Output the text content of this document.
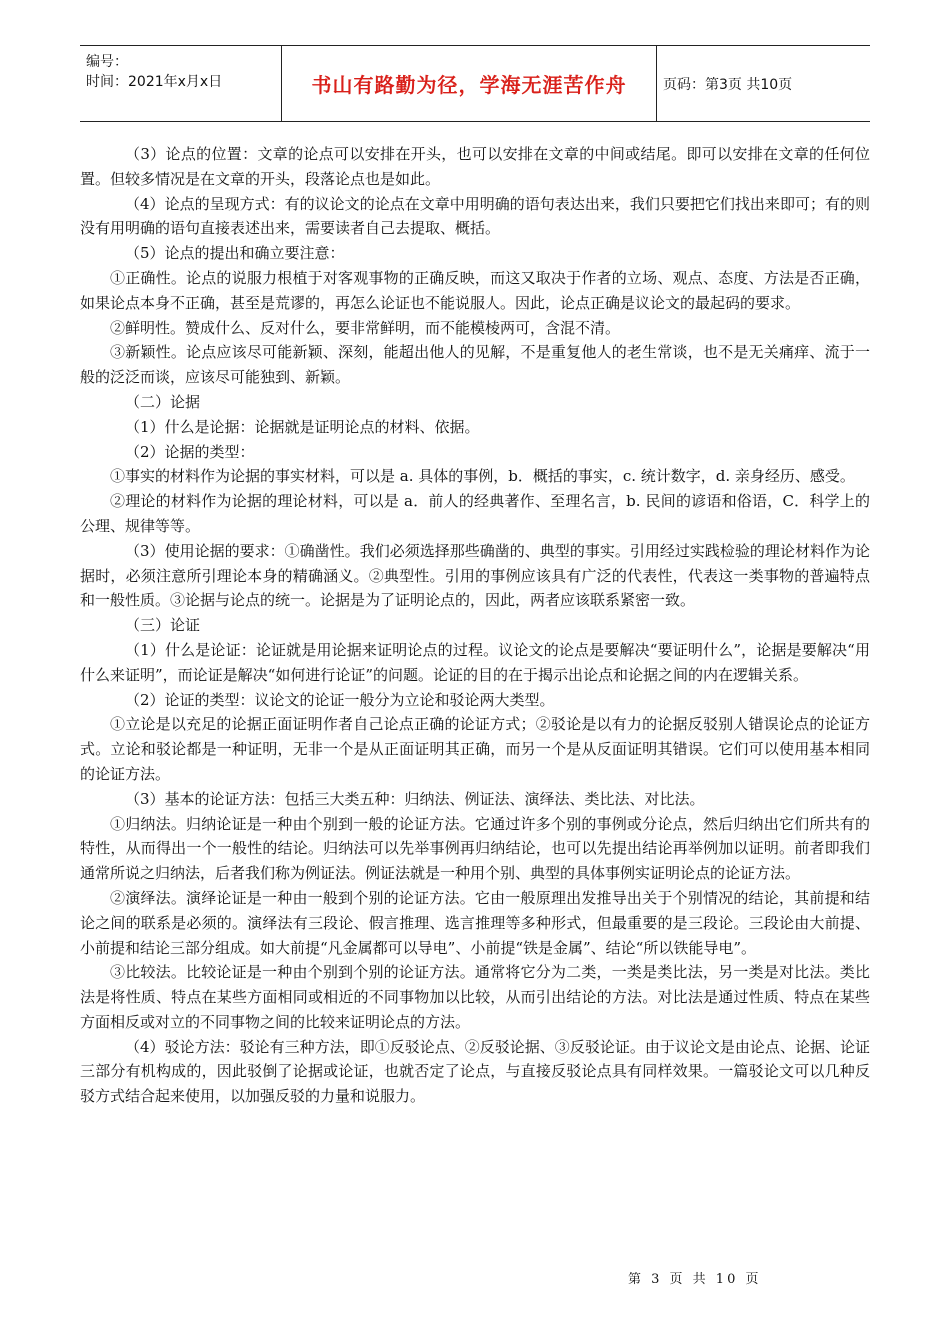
编号：
时间：2021年x月x日	书山有路勤为径，学海无涯苦作舟	页码：第3页 共10页

（3）论点的位置：文章的论点可以安排在开头，也可以安排在文章的中间或结尾。即可以安排在文章的任何位置。但较多情况是在文章的开头，段落论点也是如此。

（4）论点的呈现方式：有的议论文的论点在文章中用明确的语句表达出来，我们只要把它们找出来即可；有的则没有用明确的语句直接表述出来，需要读者自己去提取、概括。

（5）论点的提出和确立要注意：

①正确性。论点的说服力根植于对客观事物的正确反映，而这又取决于作者的立场、观点、态度、方法是否正确，如果论点本身不正确，甚至是荒谬的，再怎么论证也不能说服人。因此，论点正确是议论文的最起码的要求。

②鲜明性。赞成什么、反对什么，要非常鲜明，而不能模棱两可，含混不清。

③新颖性。论点应该尽可能新颖、深刻，能超出他人的见解，不是重复他人的老生常谈，也不是无关痛痒、流于一般的泛泛而谈，应该尽可能独到、新颖。

（二）论据

（1）什么是论据：论据就是证明论点的材料、依据。

（2）论据的类型：

①事实的材料作为论据的事实材料，可以是 a. 具体的事例，b．概括的事实，c. 统计数字，d. 亲身经历、感受。

②理论的材料作为论据的理论材料，可以是 a．前人的经典著作、至理名言，b. 民间的谚语和俗语，C．科学上的公理、规律等等。

（3）使用论据的要求：①确凿性。我们必须选择那些确凿的、典型的事实。引用经过实践检验的理论材料作为论据时，必须注意所引理论本身的精确涵义。②典型性。引用的事例应该具有广泛的代表性，代表这一类事物的普遍特点和一般性质。③论据与论点的统一。论据是为了证明论点的，因此，两者应该联系紧密一致。

（三）论证

（1）什么是论证：论证就是用论据来证明论点的过程。议论文的论点是要解决“要证明什么”，论据是要解决“用什么来证明”，而论证是解决“如何进行论证”的问题。论证的目的在于揭示出论点和论据之间的内在逻辑关系。

（2）论证的类型：议论文的论证一般分为立论和驳论两大类型。

①立论是以充足的论据正面证明作者自己论点正确的论证方式；②驳论是以有力的论据反驳别人错误论点的论证方式。立论和驳论都是一种证明，无非一个是从正面证明其正确，而另一个是从反面证明其错误。它们可以使用基本相同的论证方法。

（3）基本的论证方法：包括三大类五种：归纳法、例证法、演绎法、类比法、对比法。

①归纳法。归纳论证是一种由个别到一般的论证方法。它通过许多个别的事例或分论点，然后归纳出它们所共有的特性，从而得出一个一般性的结论。归纳法可以先举事例再归纳结论，也可以先提出结论再举例加以证明。前者即我们通常所说之归纳法，后者我们称为例证法。例证法就是一种用个别、典型的具体事例实证明论点的论证方法。

②演绎法。演绎论证是一种由一般到个别的论证方法。它由一般原理出发推导出关于个别情况的结论，其前提和结论之间的联系是必须的。演绎法有三段论、假言推理、选言推理等多种形式，但最重要的是三段论。三段论由大前提、小前提和结论三部分组成。如大前提“凡金属都可以导电”、小前提“铁是金属”、结论“所以铁能导电”。

③比较法。比较论证是一种由个别到个别的论证方法。通常将它分为二类，一类是类比法，另一类是对比法。类比法是将性质、特点在某些方面相同或相近的不同事物加以比较，从而引出结论的方法。对比法是通过性质、特点在某些方面相反或对立的不同事物之间的比较来证明论点的方法。

（4）驳论方法：驳论有三种方法，即①反驳论点、②反驳论据、③反驳论证。由于议论文是由论点、论据、论证三部分有机构成的，因此驳倒了论据或论证，也就否定了论点，与直接反驳论点具有同样效果。一篇驳论文可以几种反驳方式结合起来使用，以加强反驳的力量和说服力。

第 3 页 共 10 页
